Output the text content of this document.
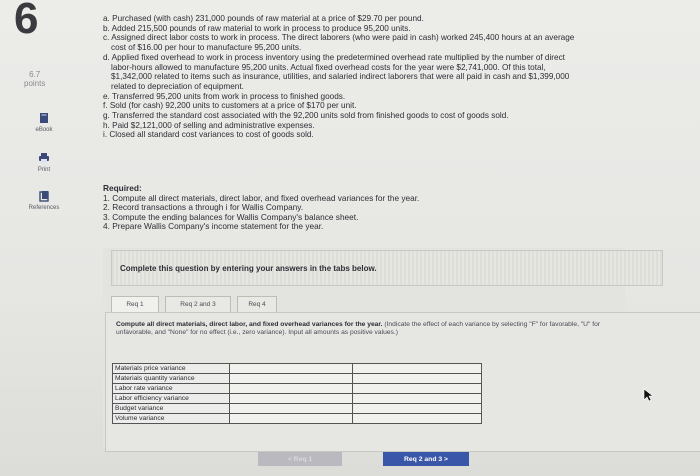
6
6.7
points
eBook
Print
References
a. Purchased (with cash) 231,000 pounds of raw material at a price of $29.70 per pound.
b. Added 215,500 pounds of raw material to work in process to produce 95,200 units.
c. Assigned direct labor costs to work in process. The direct laborers (who were paid in cash) worked 245,400 hours at an average
cost of $16.00 per hour to manufacture 95,200 units.
d. Applied fixed overhead to work in process inventory using the predetermined overhead rate multiplied by the number of direct
labor-hours allowed to manufacture 95,200 units. Actual fixed overhead costs for the year were $2,741,000. Of this total,
$1,342,000 related to items such as insurance, utilities, and salaried indirect laborers that were all paid in cash and $1,399,000
related to depreciation of equipment.
e. Transferred 95,200 units from work in process to finished goods.
f. Sold (for cash) 92,200 units to customers at a price of $170 per unit.
g. Transferred the standard cost associated with the 92,200 units sold from finished goods to cost of goods sold.
h. Paid $2,121,000 of selling and administrative expenses.
i. Closed all standard cost variances to cost of goods sold.
Required:
1. Compute all direct materials, direct labor, and fixed overhead variances for the year.
2. Record transactions a through i for Wallis Company.
3. Compute the ending balances for Wallis Company's balance sheet.
4. Prepare Wallis Company's income statement for the year.
Complete this question by entering your answers in the tabs below.
Req 1	Req 2 and 3	Req 4
Compute all direct materials, direct labor, and fixed overhead variances for the year. (Indicate the effect of each variance by selecting "F" for favorable, "U" for unfavorable, and "None" for no effect (i.e., zero variance). Input all amounts as positive values.)
Materials price variance		
Materials quantity variance		
Labor rate variance		
Labor efficiency variance		
Budget variance		
Volume variance		
< Req 1	Req 2 and 3 >
